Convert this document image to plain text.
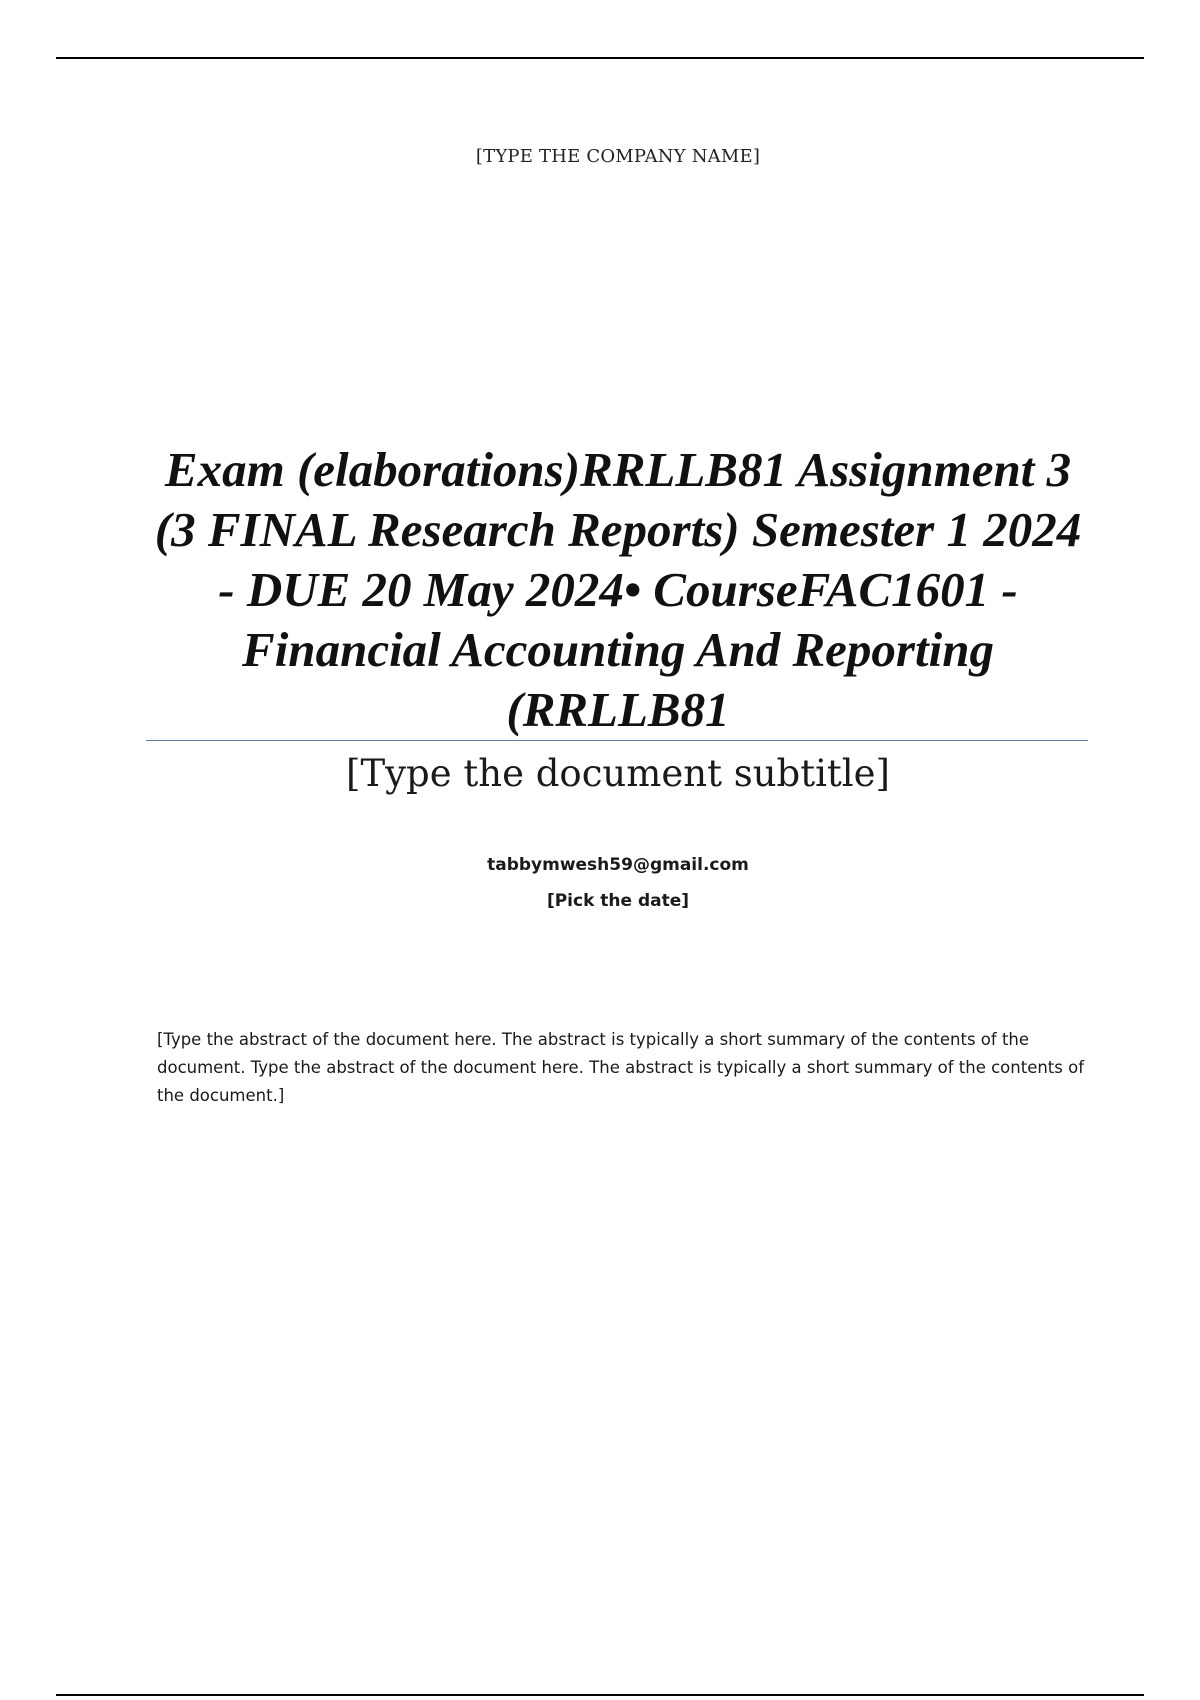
[TYPE THE COMPANY NAME]
Exam (elaborations)RRLLB81 Assignment 3 (3 FINAL Research Reports) Semester 1 2024 - DUE 20 May 2024• CourseFAC1601 - Financial Accounting And Reporting (RRLLB81
[Type the document subtitle]
tabbymwesh59@gmail.com
[Pick the date]
[Type the abstract of the document here. The abstract is typically a short summary of the contents of the document. Type the abstract of the document here. The abstract is typically a short summary of the contents of the document.]
